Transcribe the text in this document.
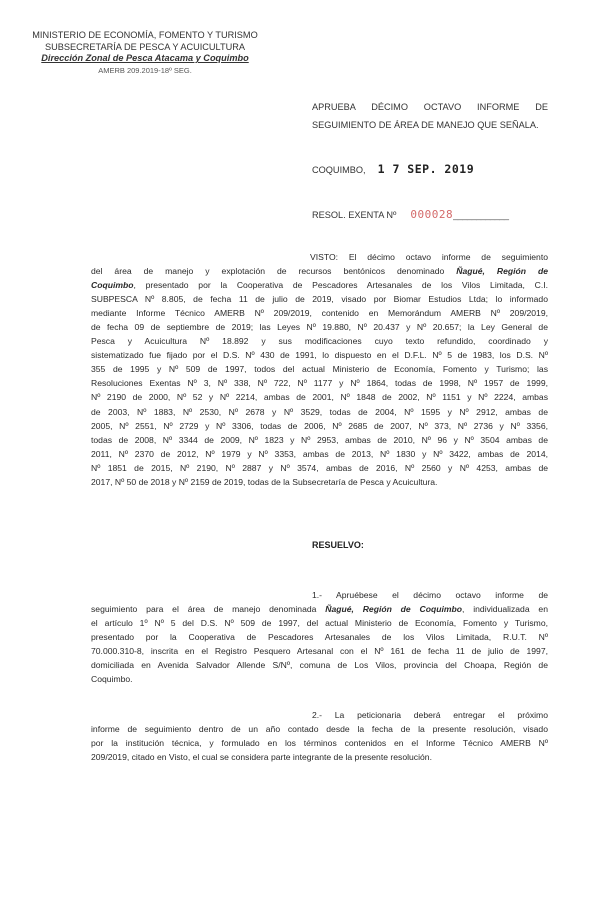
MINISTERIO DE ECONOMÍA, FOMENTO Y TURISMO
SUBSECRETARÍA DE PESCA Y ACUICULTURA
Dirección Zonal de Pesca Atacama y Coquimbo
AMERB 209.2019-18º SEG.
APRUEBA DÉCIMO OCTAVO INFORME DE
SEGUIMIENTO DE ÁREA DE MANEJO QUE SEÑALA.
COQUIMBO, 1 7 SEP. 2019
RESOL. EXENTA Nº 000028____________
VISTO: El décimo octavo informe de seguimiento
del área de manejo y explotación de recursos bentónicos denominado Ñagué, Región de
Coquimbo, presentado por la Cooperativa de Pescadores Artesanales de los Vilos Limitada, C.I.
SUBPESCA Nº 8.805, de fecha 11 de julio de 2019, visado por Biomar Estudios Ltda; lo informado
mediante Informe Técnico AMERB Nº 209/2019, contenido en Memorándum AMERB Nº 209/2019,
de fecha 09 de septiembre de 2019; las Leyes Nº 19.880, Nº 20.437 y Nº 20.657; la Ley General de
Pesca y Acuicultura Nº 18.892 y sus modificaciones cuyo texto refundido, coordinado y
sistematizado fue fijado por el D.S. Nº 430 de 1991, lo dispuesto en el D.F.L. Nº 5 de 1983, los D.S. Nº
355 de 1995 y Nº 509 de 1997, todos del actual Ministerio de Economía, Fomento y Turismo; las
Resoluciones Exentas Nº 3, Nº 338, Nº 722, Nº 1177 y Nº 1864, todas de 1998, Nº 1957 de 1999,
Nº 2190 de 2000, Nº 52 y Nº 2214, ambas de 2001, Nº 1848 de 2002, Nº 1151 y Nº 2224, ambas
de 2003, Nº 1883, Nº 2530, Nº 2678 y Nº 3529, todas de 2004, Nº 1595 y Nº 2912, ambas de
2005, Nº 2551, Nº 2729 y Nº 3306, todas de 2006, Nº 2685 de 2007, Nº 373, Nº 2736 y Nº 3356,
todas de 2008, Nº 3344 de 2009, Nº 1823 y Nº 2953, ambas de 2010, Nº 96 y Nº 3504 ambas de
2011, Nº 2370 de 2012, Nº 1979 y Nº 3353, ambas de 2013, Nº 1830 y Nº 3422, ambas de 2014,
Nº 1851 de 2015, Nº 2190, Nº 2887 y Nº 3574, ambas de 2016, Nº 2560 y Nº 4253, ambas de
2017, Nº 50 de 2018 y Nº 2159 de 2019, todas de la Subsecretaría de Pesca y Acuicultura.
RESUELVO:
1.- Apruébese el décimo octavo informe de
seguimiento para el área de manejo denominada Ñagué, Región de Coquimbo, individualizada en
el artículo 1º Nº 5 del D.S. Nº 509 de 1997, del actual Ministerio de Economía, Fomento y Turismo,
presentado por la Cooperativa de Pescadores Artesanales de los Vilos Limitada, R.U.T. Nº
70.000.310-8, inscrita en el Registro Pesquero Artesanal con el Nº 161 de fecha 11 de julio de 1997,
domiciliada en Avenida Salvador Allende S/Nº, comuna de Los Vilos, provincia del Choapa, Región de
Coquimbo.
2.- La peticionaria deberá entregar el próximo
informe de seguimiento dentro de un año contado desde la fecha de la presente resolución, visado
por la institución técnica, y formulado en los términos contenidos en el Informe Técnico AMERB Nº
209/2019, citado en Visto, el cual se considera parte integrante de la presente resolución.
